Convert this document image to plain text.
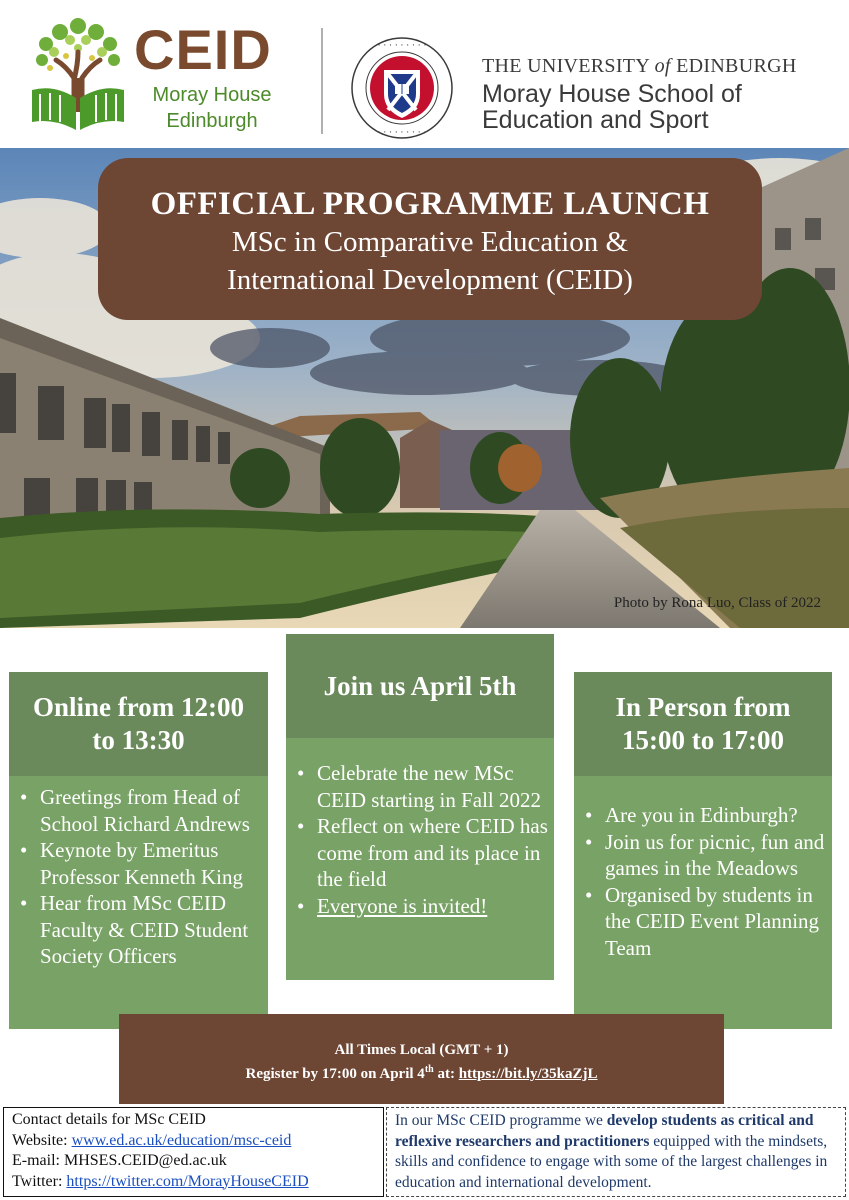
CEID
Moray House
Edinburgh
· · · · · · · · ·
· · · · · · · · ·
THE UNIVERSITY of EDINBURGH
Moray House School of
Education and Sport
Photo by Rona Luo, Class of 2022
OFFICIAL PROGRAMME LAUNCH
MSc in Comparative Education &
International Development (CEID)
Online from 12:00
to 13:30
• Greetings from Head of School Richard Andrews
• Keynote by Emeritus Professor Kenneth King
• Hear from MSc CEID Faculty & CEID Student Society Officers
Join us April 5th
• Celebrate the new MSc CEID starting in Fall 2022
• Reflect on where CEID has come from and its place in the field
• Everyone is invited!
In Person from
15:00 to 17:00
• Are you in Edinburgh?
• Join us for picnic, fun and games in the Meadows
• Organised by students in the CEID Event Planning Team
All Times Local (GMT + 1)
Register by 17:00 on April 4th at: https://bit.ly/35kaZjL
Contact details for MSc CEID
Website: www.ed.ac.uk/education/msc-ceid
E-mail: MHSES.CEID@ed.ac.uk
Twitter: https://twitter.com/MorayHouseCEID
In our MSc CEID programme we develop students as critical and reflexive researchers and practitioners equipped with the mindsets, skills and confidence to engage with some of the largest challenges in education and international development.
